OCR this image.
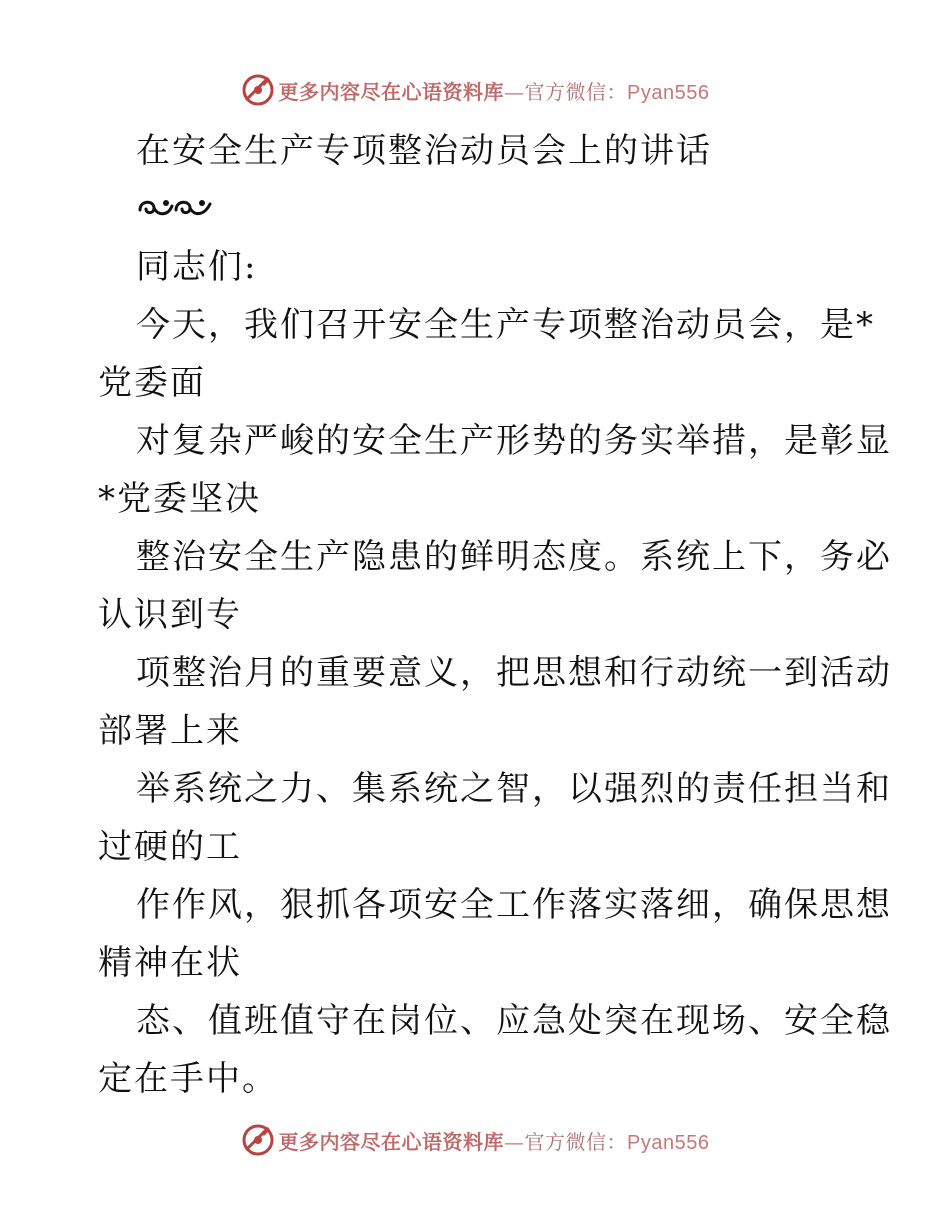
更多内容尽在心语资料库—官方微信：Pyan556
在安全生产专项整治动员会上的讲话
同志们:
今天，我们召开安全生产专项整治动员会，是*
党委面
对复杂严峻的安全生产形势的务实举措，是彰显
*党委坚决
整治安全生产隐患的鲜明态度。系统上下，务必
认识到专
项整治月的重要意义，把思想和行动统一到活动
部署上来
举系统之力、集系统之智，以强烈的责任担当和
过硬的工
作作风，狠抓各项安全工作落实落细，确保思想
精神在状
态、值班值守在岗位、应急处突在现场、安全稳
定在手中。
更多内容尽在心语资料库—官方微信：Pyan556
